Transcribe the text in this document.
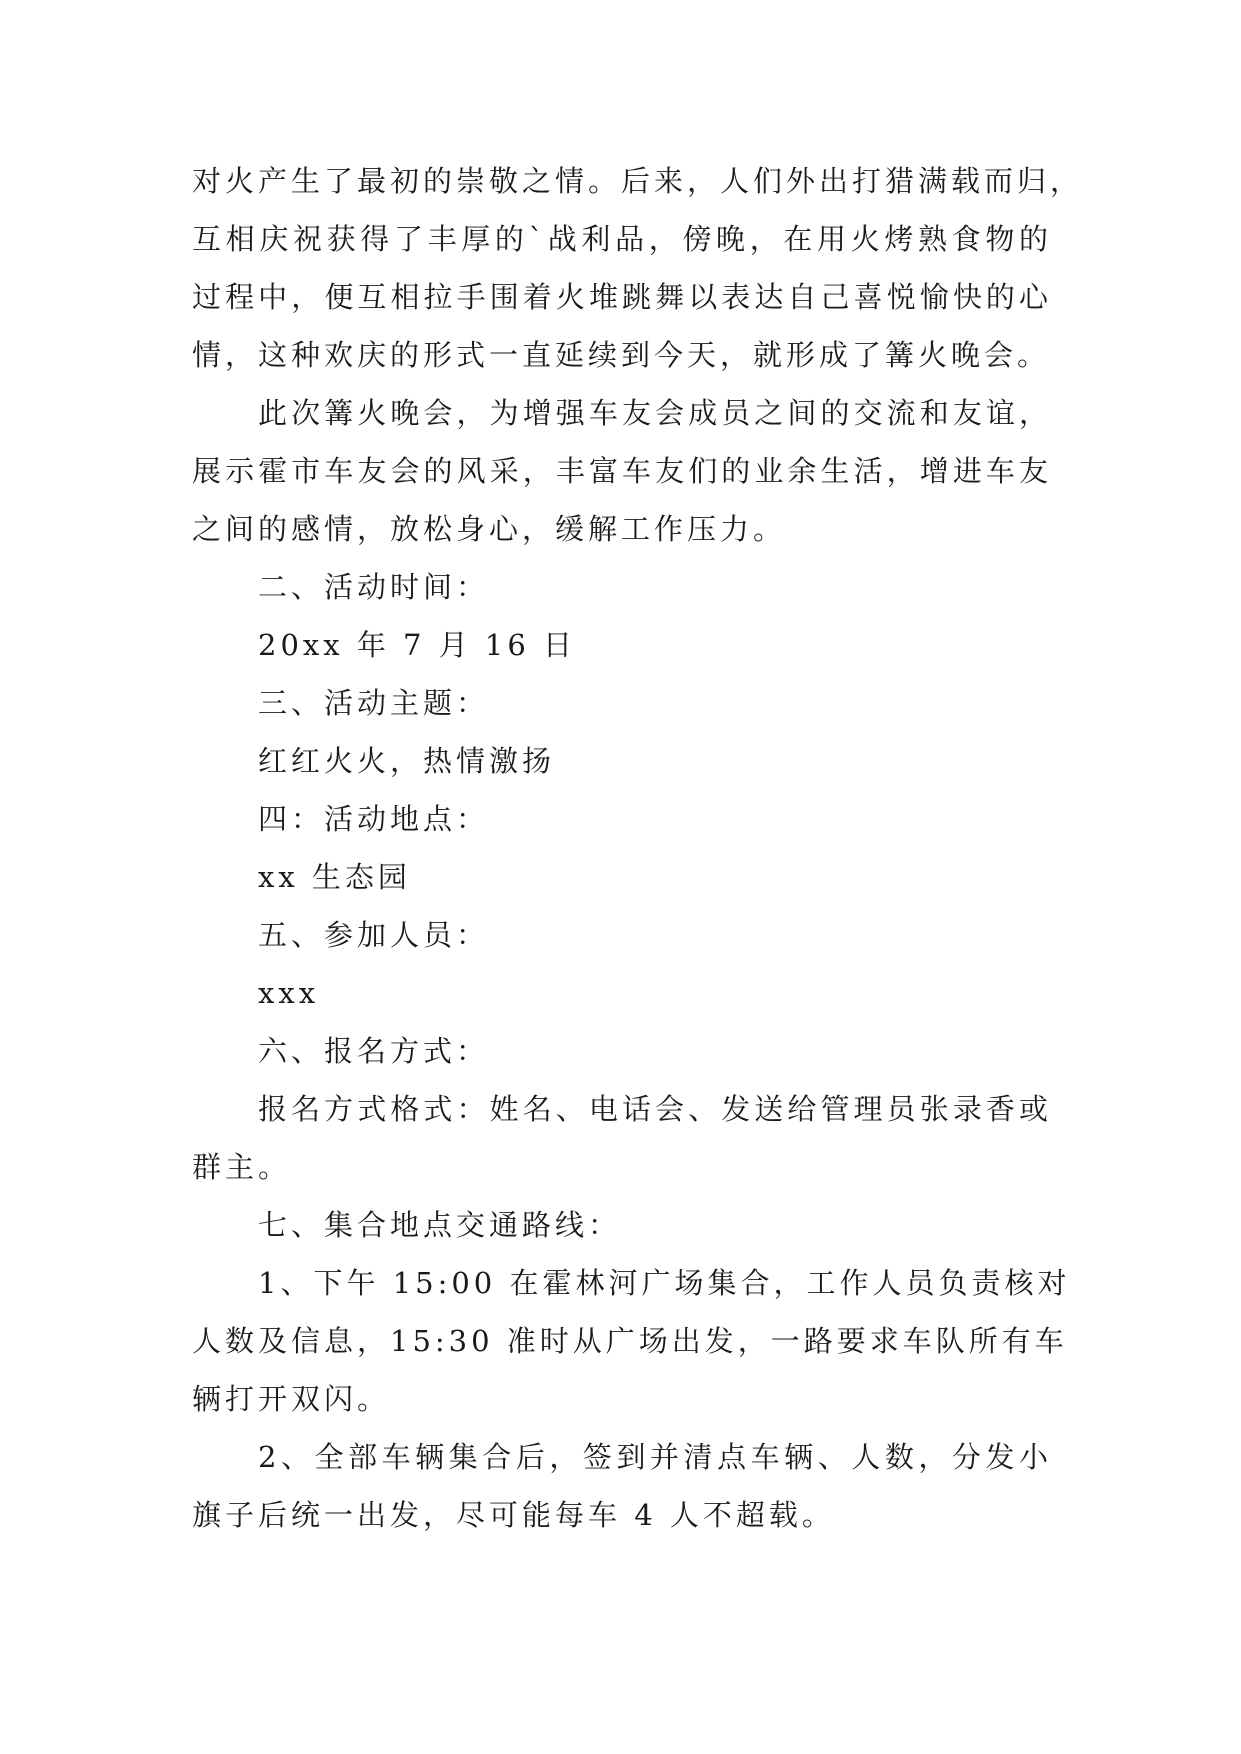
对火产生了最初的崇敬之情。后来，人们外出打猎满载而归，
互相庆祝获得了丰厚的`战利品，傍晚，在用火烤熟食物的
过程中，便互相拉手围着火堆跳舞以表达自己喜悦愉快的心
情，这种欢庆的形式一直延续到今天，就形成了篝火晚会。

此次篝火晚会，为增强车友会成员之间的交流和友谊，
展示霍市车友会的风采，丰富车友们的业余生活，增进车友
之间的感情，放松身心，缓解工作压力。

二、活动时间：

20xx 年 7 月 16 日

三、活动主题：

红红火火，热情激扬

四：活动地点：

xx 生态园

五、参加人员：

xxx

六、报名方式：

报名方式格式：姓名、电话会、发送给管理员张录香或
群主。

七、集合地点交通路线：

1、下午 15:00 在霍林河广场集合，工作人员负责核对
人数及信息，15:30 准时从广场出发，一路要求车队所有车
辆打开双闪。

2、全部车辆集合后，签到并清点车辆、人数，分发小
旗子后统一出发，尽可能每车 4 人不超载。
